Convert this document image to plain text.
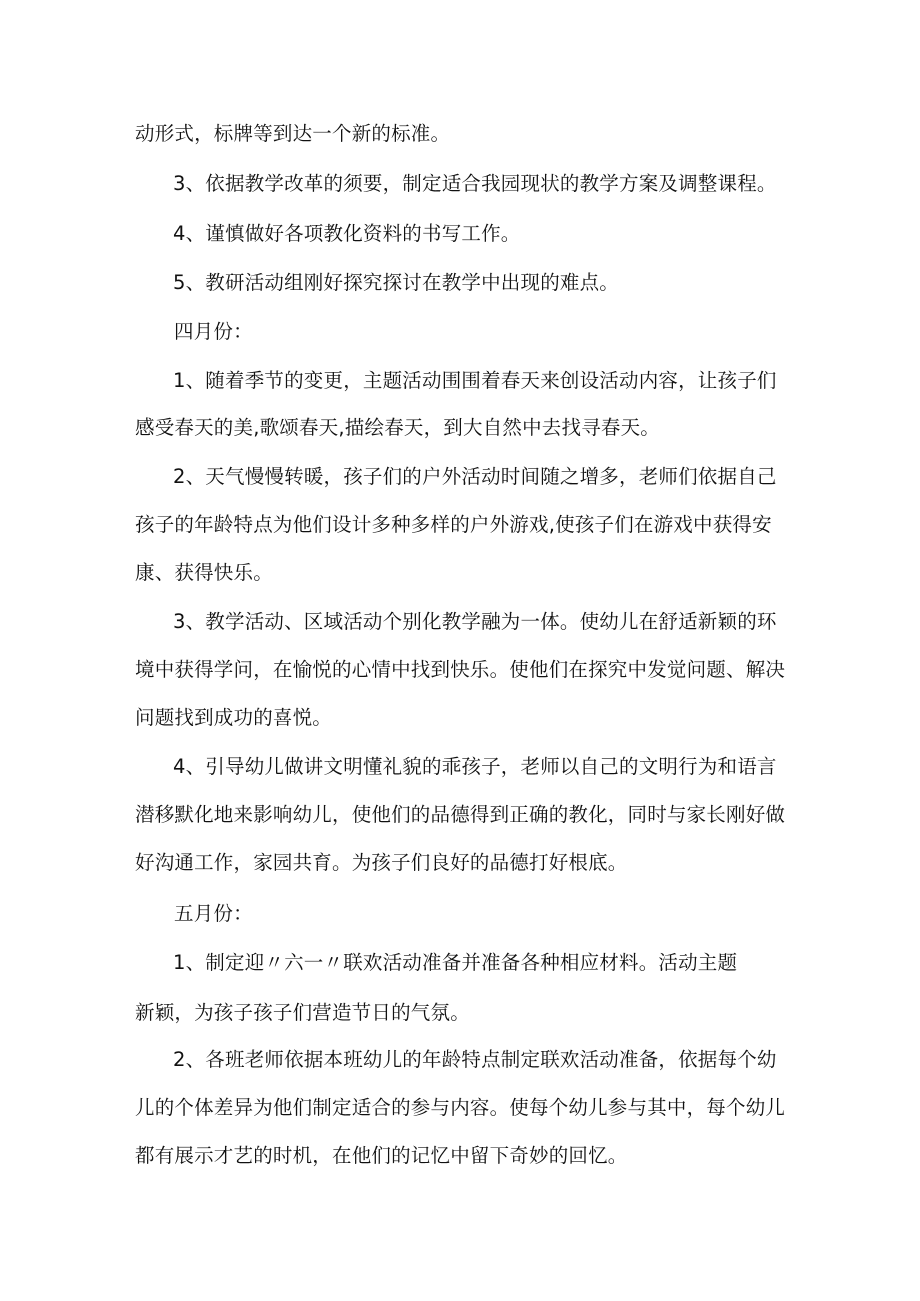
动形式，标牌等到达一个新的标准。
3、依据教学改革的须要，制定适合我园现状的教学方案及调整课程。
4、谨慎做好各项教化资料的书写工作。
5、教研活动组刚好探究探讨在教学中出现的难点。
四月份：
1、随着季节的变更，主题活动围围着春天来创设活动内容，让孩子们
感受春天的美,歌颂春天,描绘春天，到大自然中去找寻春天。
2、天气慢慢转暖，孩子们的户外活动时间随之增多，老师们依据自己
孩子的年龄特点为他们设计多种多样的户外游戏,使孩子们在游戏中获得安
康、获得快乐。
3、教学活动、区域活动个别化教学融为一体。使幼儿在舒适新颖的环
境中获得学问，在愉悦的心情中找到快乐。使他们在探究中发觉问题、解决
问题找到成功的喜悦。
4、引导幼儿做讲文明懂礼貌的乖孩子，老师以自己的文明行为和语言
潜移默化地来影响幼儿，使他们的品德得到正确的教化，同时与家长刚好做
好沟通工作，家园共育。为孩子们良好的品德打好根底。
五月份：
1、制定迎〃六一〃联欢活动准备并准备各种相应材料。活动主题
新颖，为孩子孩子们营造节日的气氛。
2、各班老师依据本班幼儿的年龄特点制定联欢活动准备，依据每个幼
儿的个体差异为他们制定适合的参与内容。使每个幼儿参与其中，每个幼儿
都有展示才艺的时机，在他们的记忆中留下奇妙的回忆。
